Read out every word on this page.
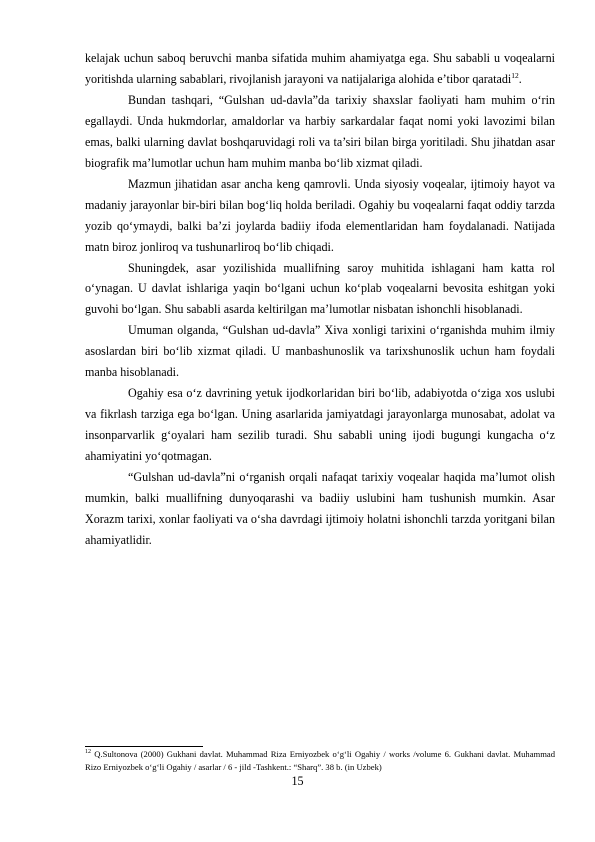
kelajak uchun saboq beruvchi manba sifatida muhim ahamiyatga ega. Shu sababli u voqealarni yoritishda ularning sabablari, rivojlanish jarayoni va natijalariga alohida e’tibor qaratadi$^{12}$.

Bundan tashqari, “Gulshan ud-davla”da tarixiy shaxslar faoliyati ham muhim o‘rin egallaydi. Unda hukmdorlar, amaldorlar va harbiy sarkardalar faqat nomi yoki lavozimi bilan emas, balki ularning davlat boshqaruvidagi roli va ta’siri bilan birga yoritiladi. Shu jihatdan asar biografik ma’lumotlar uchun ham muhim manba bo‘lib xizmat qiladi.

Mazmun jihatidan asar ancha keng qamrovli. Unda siyosiy voqealar, ijtimoiy hayot va madaniy jarayonlar bir-biri bilan bog‘liq holda beriladi. Ogahiy bu voqealarni faqat oddiy tarzda yozib qo‘ymaydi, balki ba’zi joylarda badiiy ifoda elementlaridan ham foydalanadi. Natijada matn biroz jonliroq va tushunarliroq bo‘lib chiqadi.

Shuningdek, asar yozilishida muallifning saroy muhitida ishlagani ham katta rol o‘ynagan. U davlat ishlariga yaqin bo‘lgani uchun ko‘plab voqealarni bevosita eshitgan yoki guvohi bo‘lgan. Shu sababli asarda keltirilgan ma’lumotlar nisbatan ishonchli hisoblanadi.

Umuman olganda, “Gulshan ud-davla” Xiva xonligi tarixini o‘rganishda muhim ilmiy asoslardan biri bo‘lib xizmat qiladi. U manbashunoslik va tarixshunoslik uchun ham foydali manba hisoblanadi.

Ogahiy esa o‘z davrining yetuk ijodkorlaridan biri bo‘lib, adabiyotda o‘ziga xos uslubi va fikrlash tarziga ega bo‘lgan. Uning asarlarida jamiyatdagi jarayonlarga munosabat, adolat va insonparvarlik g‘oyalari ham sezilib turadi. Shu sababli uning ijodi bugungi kungacha o‘z ahamiyatini yo‘qotmagan.

“Gulshan ud-davla”ni o‘rganish orqali nafaqat tarixiy voqealar haqida ma’lumot olish mumkin, balki muallifning dunyoqarashi va badiiy uslubini ham tushunish mumkin. Asar Xorazm tarixi, xonlar faoliyati va o‘sha davrdagi ijtimoiy holatni ishonchli tarzda yoritgani bilan ahamiyatlidir.

$^{12}$ Q.Sultonova (2000) Gukhani davlat. Muhammad Riza Erniyozbek o‘g‘li Ogahiy / works /volume 6. Gukhani davlat. Muhammad Rizo Erniyozbek o‘g‘li Ogahiy / asarlar / 6 - jild -Tashkent.: “Sharq”. 38 b. (in Uzbek)

15
